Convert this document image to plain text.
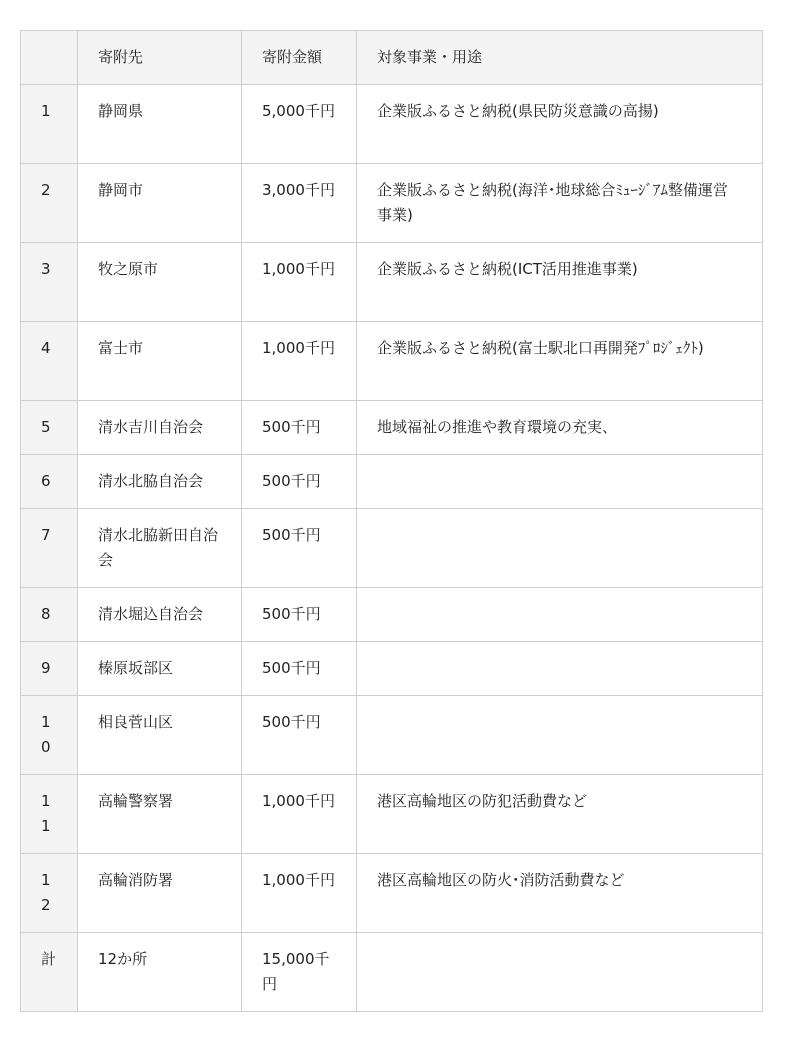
	寄附先	寄附金額	対象事業・用途
1	静岡県	5,000千円	企業版ふるさと納税(県民防災意識の高揚)
2	静岡市	3,000千円	企業版ふるさと納税(海洋･地球総合ﾐｭｰｼﾞｱﾑ整備運営事業)
3	牧之原市	1,000千円	企業版ふるさと納税(ICT活用推進事業)
4	富士市	1,000千円	企業版ふるさと納税(富士駅北口再開発ﾌﾟﾛｼﾞｪｸﾄ)
5	清水吉川自治会	500千円	地域福祉の推進や教育環境の充実、
6	清水北脇自治会	500千円	
7	清水北脇新田自治会	500千円	
8	清水堀込自治会	500千円	
9	榛原坂部区	500千円	
10	相良菅山区	500千円	
11	高輪警察署	1,000千円	港区高輪地区の防犯活動費など
12	高輪消防署	1,000千円	港区高輪地区の防火･消防活動費など
計	12か所	15,000千円	
